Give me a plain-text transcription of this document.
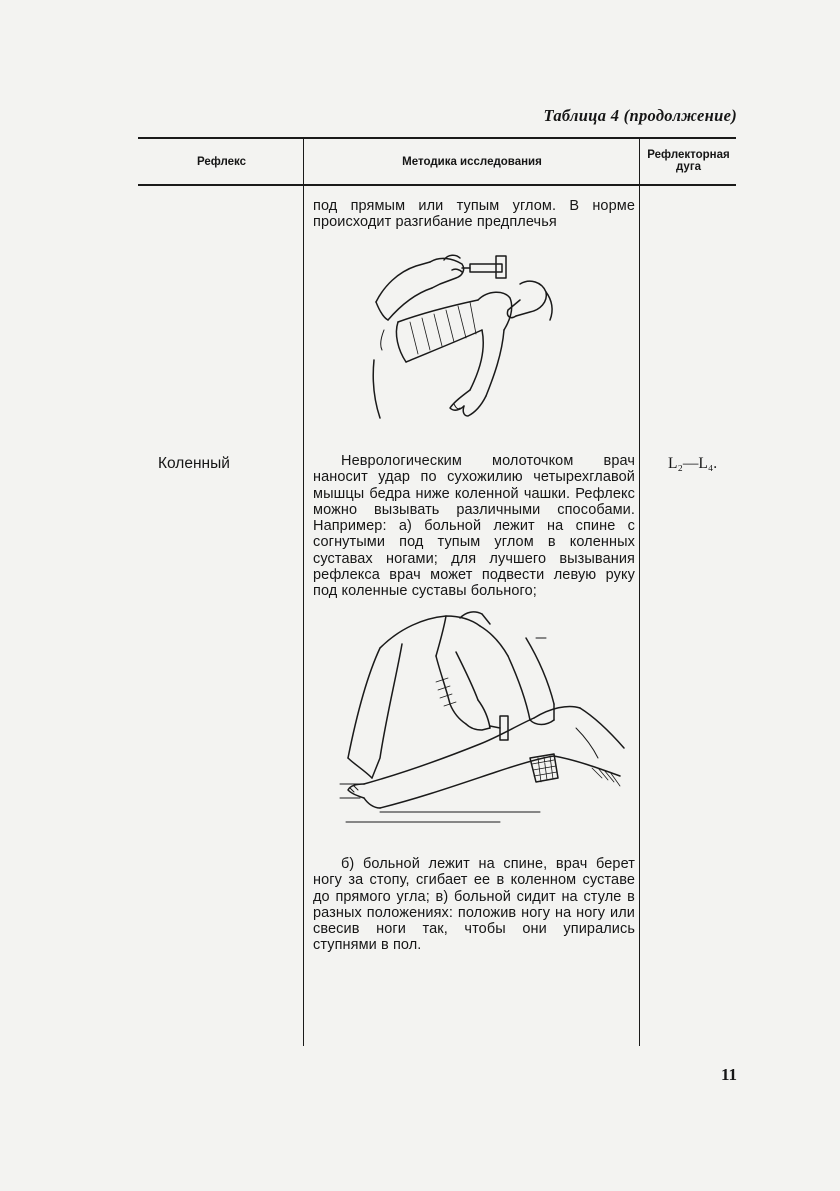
Таблица 4 (продолжение)
Рефлекс	Методика исследования
Рефлекторная
дуга
под прямым или тупым углом. В норме происходит разгибание предплечья
Коленный	L₂—L₄.
Неврологическим молоточком врач наносит удар по сухожилию четырехглавой мышцы бедра ниже коленной чашки. Рефлекс можно вызывать различными способами. Например: а) больной лежит на спине с согнутыми под тупым углом в коленных суставах ногами; для лучшего вызывания рефлекса врач может подвести левую руку под коленные суставы больного;
б) больной лежит на спине, врач берет ногу за стопу, сгибает ее в коленном суставе до прямого угла; в) больной сидит на стуле в разных положениях: положив ногу на ногу или свесив ноги так, чтобы они упирались ступнями в пол.
11
